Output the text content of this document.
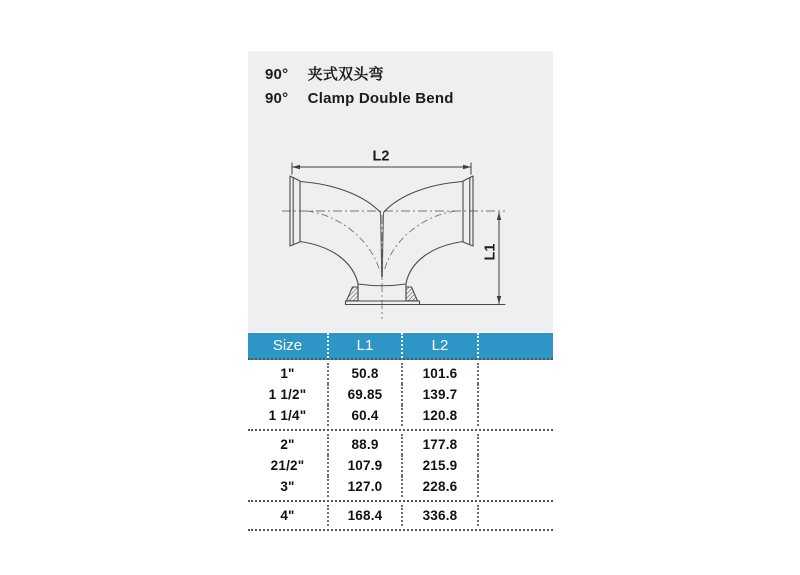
L2
L1
90° 夹式双头弯
90° Clamp Double Bend
Size	L1	L2
1"	50.8	101.6
1 1/2"	69.85	139.7
1 1/4"	60.4	120.8
2"	88.9	177.8
21/2"	107.9	215.9
3"	127.0	228.6
4"	168.4	336.8
